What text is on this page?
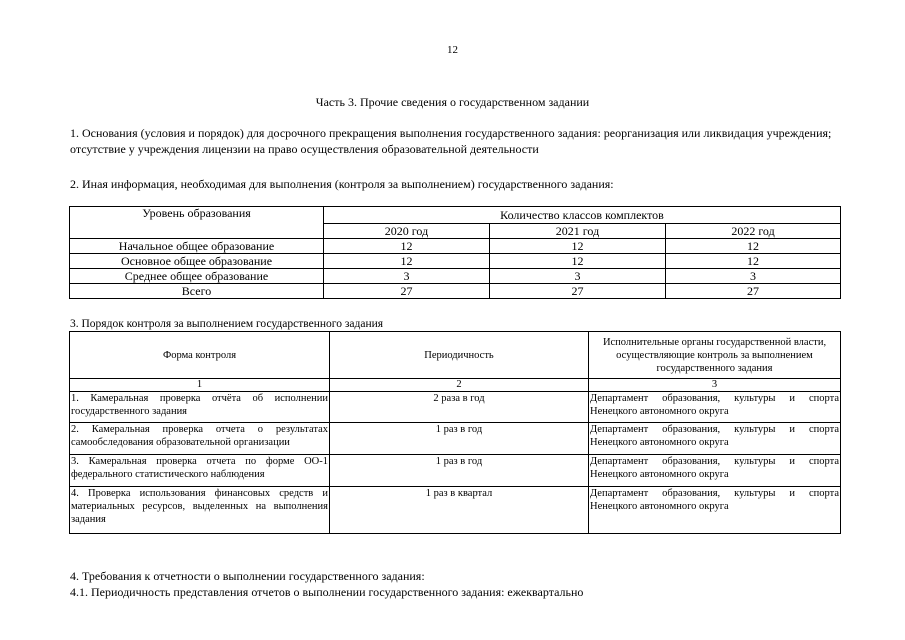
12
Часть 3. Прочие сведения о государственном задании
1. Основания (условия и порядок) для досрочного прекращения выполнения государственного задания: реорганизация или ликвидация учреждения; отсутствие у учреждения лицензии на право осуществления образовательной деятельности
2. Иная информация, необходимая для выполнения (контроля за выполнением) государственного задания:
Уровень образования	Количество классов комплектов		
	2020 год	2021 год	2022 год
Начальное общее образование	12	12	12
Основное общее образование	12	12	12
Среднее общее образование	3	3	3
Всего	27	27	27
3. Порядок контроля за выполнением государственного задания
Форма контроля	Периодичность	Исполнительные органы государственной власти, осуществляющие контроль за выполнением государственного задания
1	2	3
1. Камеральная проверка отчёта об исполнении государственного задания	2 раза в год	Департамент образования, культуры и спорта Ненецкого автономного округа
2. Камеральная проверка отчета о результатах самообследования образовательной организации	1 раз в год	Департамент образования, культуры и спорта Ненецкого автономного округа
3. Камеральная проверка отчета по форме ОО-1 федерального статистического наблюдения	1 раз в год	Департамент образования, культуры и спорта Ненецкого автономного округа
4. Проверка использования финансовых средств и материальных ресурсов, выделенных на выполнения задания	1 раз в квартал	Департамент образования, культуры и спорта Ненецкого автономного округа
4. Требования к отчетности о выполнении государственного задания:
4.1. Периодичность представления отчетов о выполнении государственного задания: ежеквартально
